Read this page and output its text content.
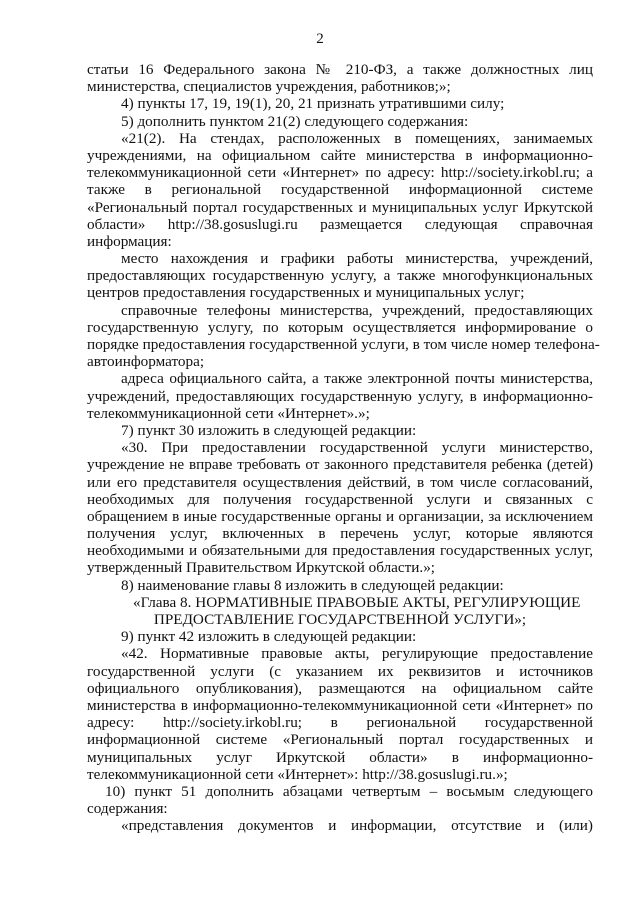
2
статьи 16 Федерального закона № 210-ФЗ, а также должностных лиц
министерства, специалистов учреждения, работников;»;
4) пункты 17, 19, 19(1), 20, 21 признать утратившими силу;
5) дополнить пунктом 21(2) следующего содержания:
«21(2). На стендах, расположенных в помещениях, занимаемых
учреждениями, на официальном сайте министерства в информационно-
телекоммуникационной сети «Интернет» по адресу: http://society.irkobl.ru; а
также в региональной государственной информационной системе
«Региональный портал государственных и муниципальных услуг Иркутской
области» http://38.gosuslugi.ru размещается следующая справочная
информация:
место нахождения и графики работы министерства, учреждений,
предоставляющих государственную услугу, а также многофункциональных
центров предоставления государственных и муниципальных услуг;
справочные телефоны министерства, учреждений, предоставляющих
государственную услугу, по которым осуществляется информирование о
порядке предоставления государственной услуги, в том числе номер телефона-
автоинформатора;
адреса официального сайта, а также электронной почты министерства,
учреждений, предоставляющих государственную услугу, в информационно-
телекоммуникационной сети «Интернет».»;
7) пункт 30 изложить в следующей редакции:
«30. При предоставлении государственной услуги министерство,
учреждение не вправе требовать от законного представителя ребенка (детей)
или его представителя осуществления действий, в том числе согласований,
необходимых для получения государственной услуги и связанных с
обращением в иные государственные органы и организации, за исключением
получения услуг, включенных в перечень услуг, которые являются
необходимыми и обязательными для предоставления государственных услуг,
утвержденный Правительством Иркутской области.»;
8) наименование главы 8 изложить в следующей редакции:
«Глава 8. НОРМАТИВНЫЕ ПРАВОВЫЕ АКТЫ, РЕГУЛИРУЮЩИЕ
ПРЕДОСТАВЛЕНИЕ ГОСУДАРСТВЕННОЙ УСЛУГИ»;
9) пункт 42 изложить в следующей редакции:
«42. Нормативные правовые акты, регулирующие предоставление
государственной услуги (с указанием их реквизитов и источников
официального опубликования), размещаются на официальном сайте
министерства в информационно-телекоммуникационной сети «Интернет» по
адресу: http://society.irkobl.ru; в региональной государственной
информационной системе «Региональный портал государственных и
муниципальных услуг Иркутской области» в информационно-
телекоммуникационной сети «Интернет»: http://38.gosuslugi.ru.»;
10) пункт 51 дополнить абзацами четвертым – восьмым следующего
содержания:
«представления документов и информации, отсутствие и (или)
